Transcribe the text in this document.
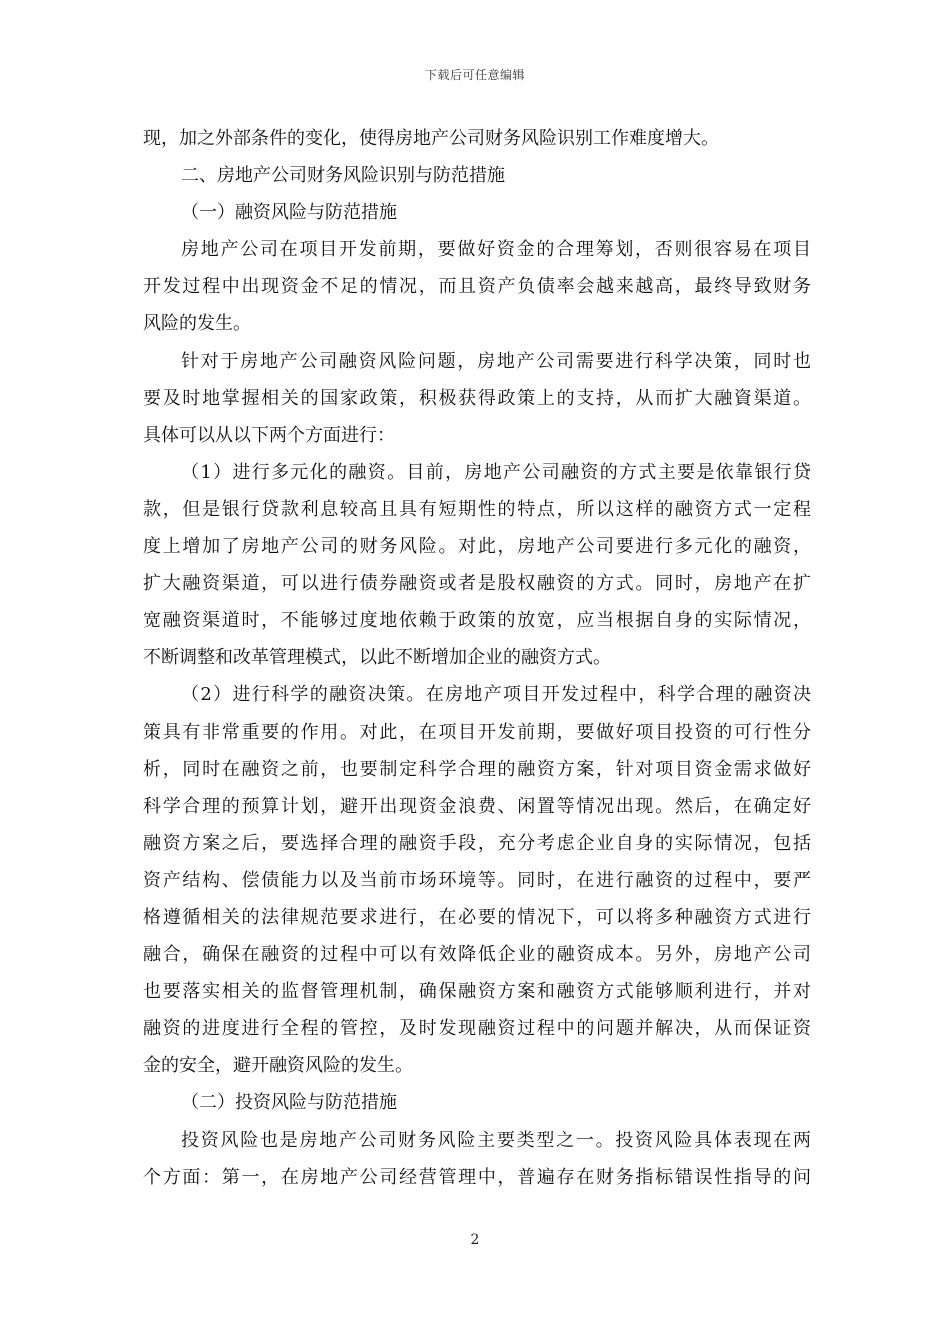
下载后可任意编辑
现，加之外部条件的变化，使得房地产公司财务风险识别工作难度增大。
二、房地产公司财务风险识别与防范措施
（一）融资风险与防范措施
房地产公司在项目开发前期，要做好资金的合理筹划，否则很容易在项目
开发过程中出现资金不足的情况，而且资产负债率会越来越高，最终导致财务
风险的发生。
针对于房地产公司融资风险问题，房地产公司需要进行科学决策，同时也
要及时地掌握相关的国家政策，积极获得政策上的支持，从而扩大融資渠道。
具体可以从以下两个方面进行：
（1）进行多元化的融资。目前，房地产公司融资的方式主要是依靠银行贷
款，但是银行贷款利息较高且具有短期性的特点，所以这样的融资方式一定程
度上增加了房地产公司的财务风险。对此，房地产公司要进行多元化的融资，
扩大融资渠道，可以进行债券融资或者是股权融资的方式。同时，房地产在扩
宽融资渠道时，不能够过度地依赖于政策的放宽，应当根据自身的实际情况，
不断调整和改革管理模式，以此不断增加企业的融资方式。
（2）进行科学的融资决策。在房地产项目开发过程中，科学合理的融资决
策具有非常重要的作用。对此，在项目开发前期，要做好项目投资的可行性分
析，同时在融资之前，也要制定科学合理的融资方案，针对项目资金需求做好
科学合理的预算计划，避开出现资金浪费、闲置等情况出现。然后，在确定好
融资方案之后，要选择合理的融资手段，充分考虑企业自身的实际情况，包括
资产结构、偿债能力以及当前市场环境等。同时，在进行融资的过程中，要严
格遵循相关的法律规范要求进行，在必要的情况下，可以将多种融资方式进行
融合，确保在融资的过程中可以有效降低企业的融资成本。另外，房地产公司
也要落实相关的监督管理机制，确保融资方案和融资方式能够顺利进行，并对
融资的进度进行全程的管控，及时发现融资过程中的问题并解决，从而保证资
金的安全，避开融资风险的发生。
（二）投资风险与防范措施
投资风险也是房地产公司财务风险主要类型之一。投资风险具体表现在两
个方面：第一，在房地产公司经营管理中，普遍存在财务指标错误性指导的问
2
